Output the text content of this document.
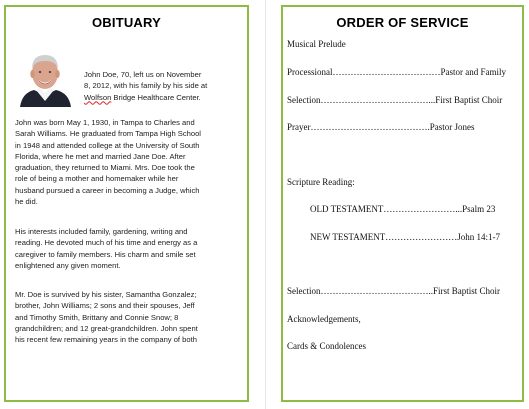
OBITUARY
John Doe, 70, left us on November
8, 2012, with his family by his side at
Wolfson Bridge Healthcare Center.
John was born May 1, 1930, in Tampa to Charles and
Sarah Williams. He graduated from Tampa High School
in 1948 and attended college at the University of South
Florida, where he met and married Jane Doe. After
graduation, they returned to Miami. Mrs. Doe took the
role of being a mother and homemaker while her
husband pursued a career in becoming a Judge, which
he did.
His interests included family, gardening, writing and
reading. He devoted much of his time and energy as a
caregiver to family members. His charm and smile set
enlightened any given moment.
Mr. Doe is survived by his sister, Samantha Gonzalez;
brother, John Williams; 2 sons and their spouses, Jeff
and Timothy Smith, Brittany and Connie Snow; 8
grandchildren; and 12 great-grandchildren. John spent
his recent few remaining years in the company of both
ORDER OF SERVICE
Musical Prelude
Processional………………………………Pastor and Family
Selection………………………………...First Baptist Choir
Prayer………………………………….Pastor Jones
Scripture Reading:
OLD TESTAMENT……………………...Psalm 23
NEW TESTAMENT……………………John 14:1-7
Selection………………………………..First Baptist Choir
Acknowledgements,
Cards & Condolences
